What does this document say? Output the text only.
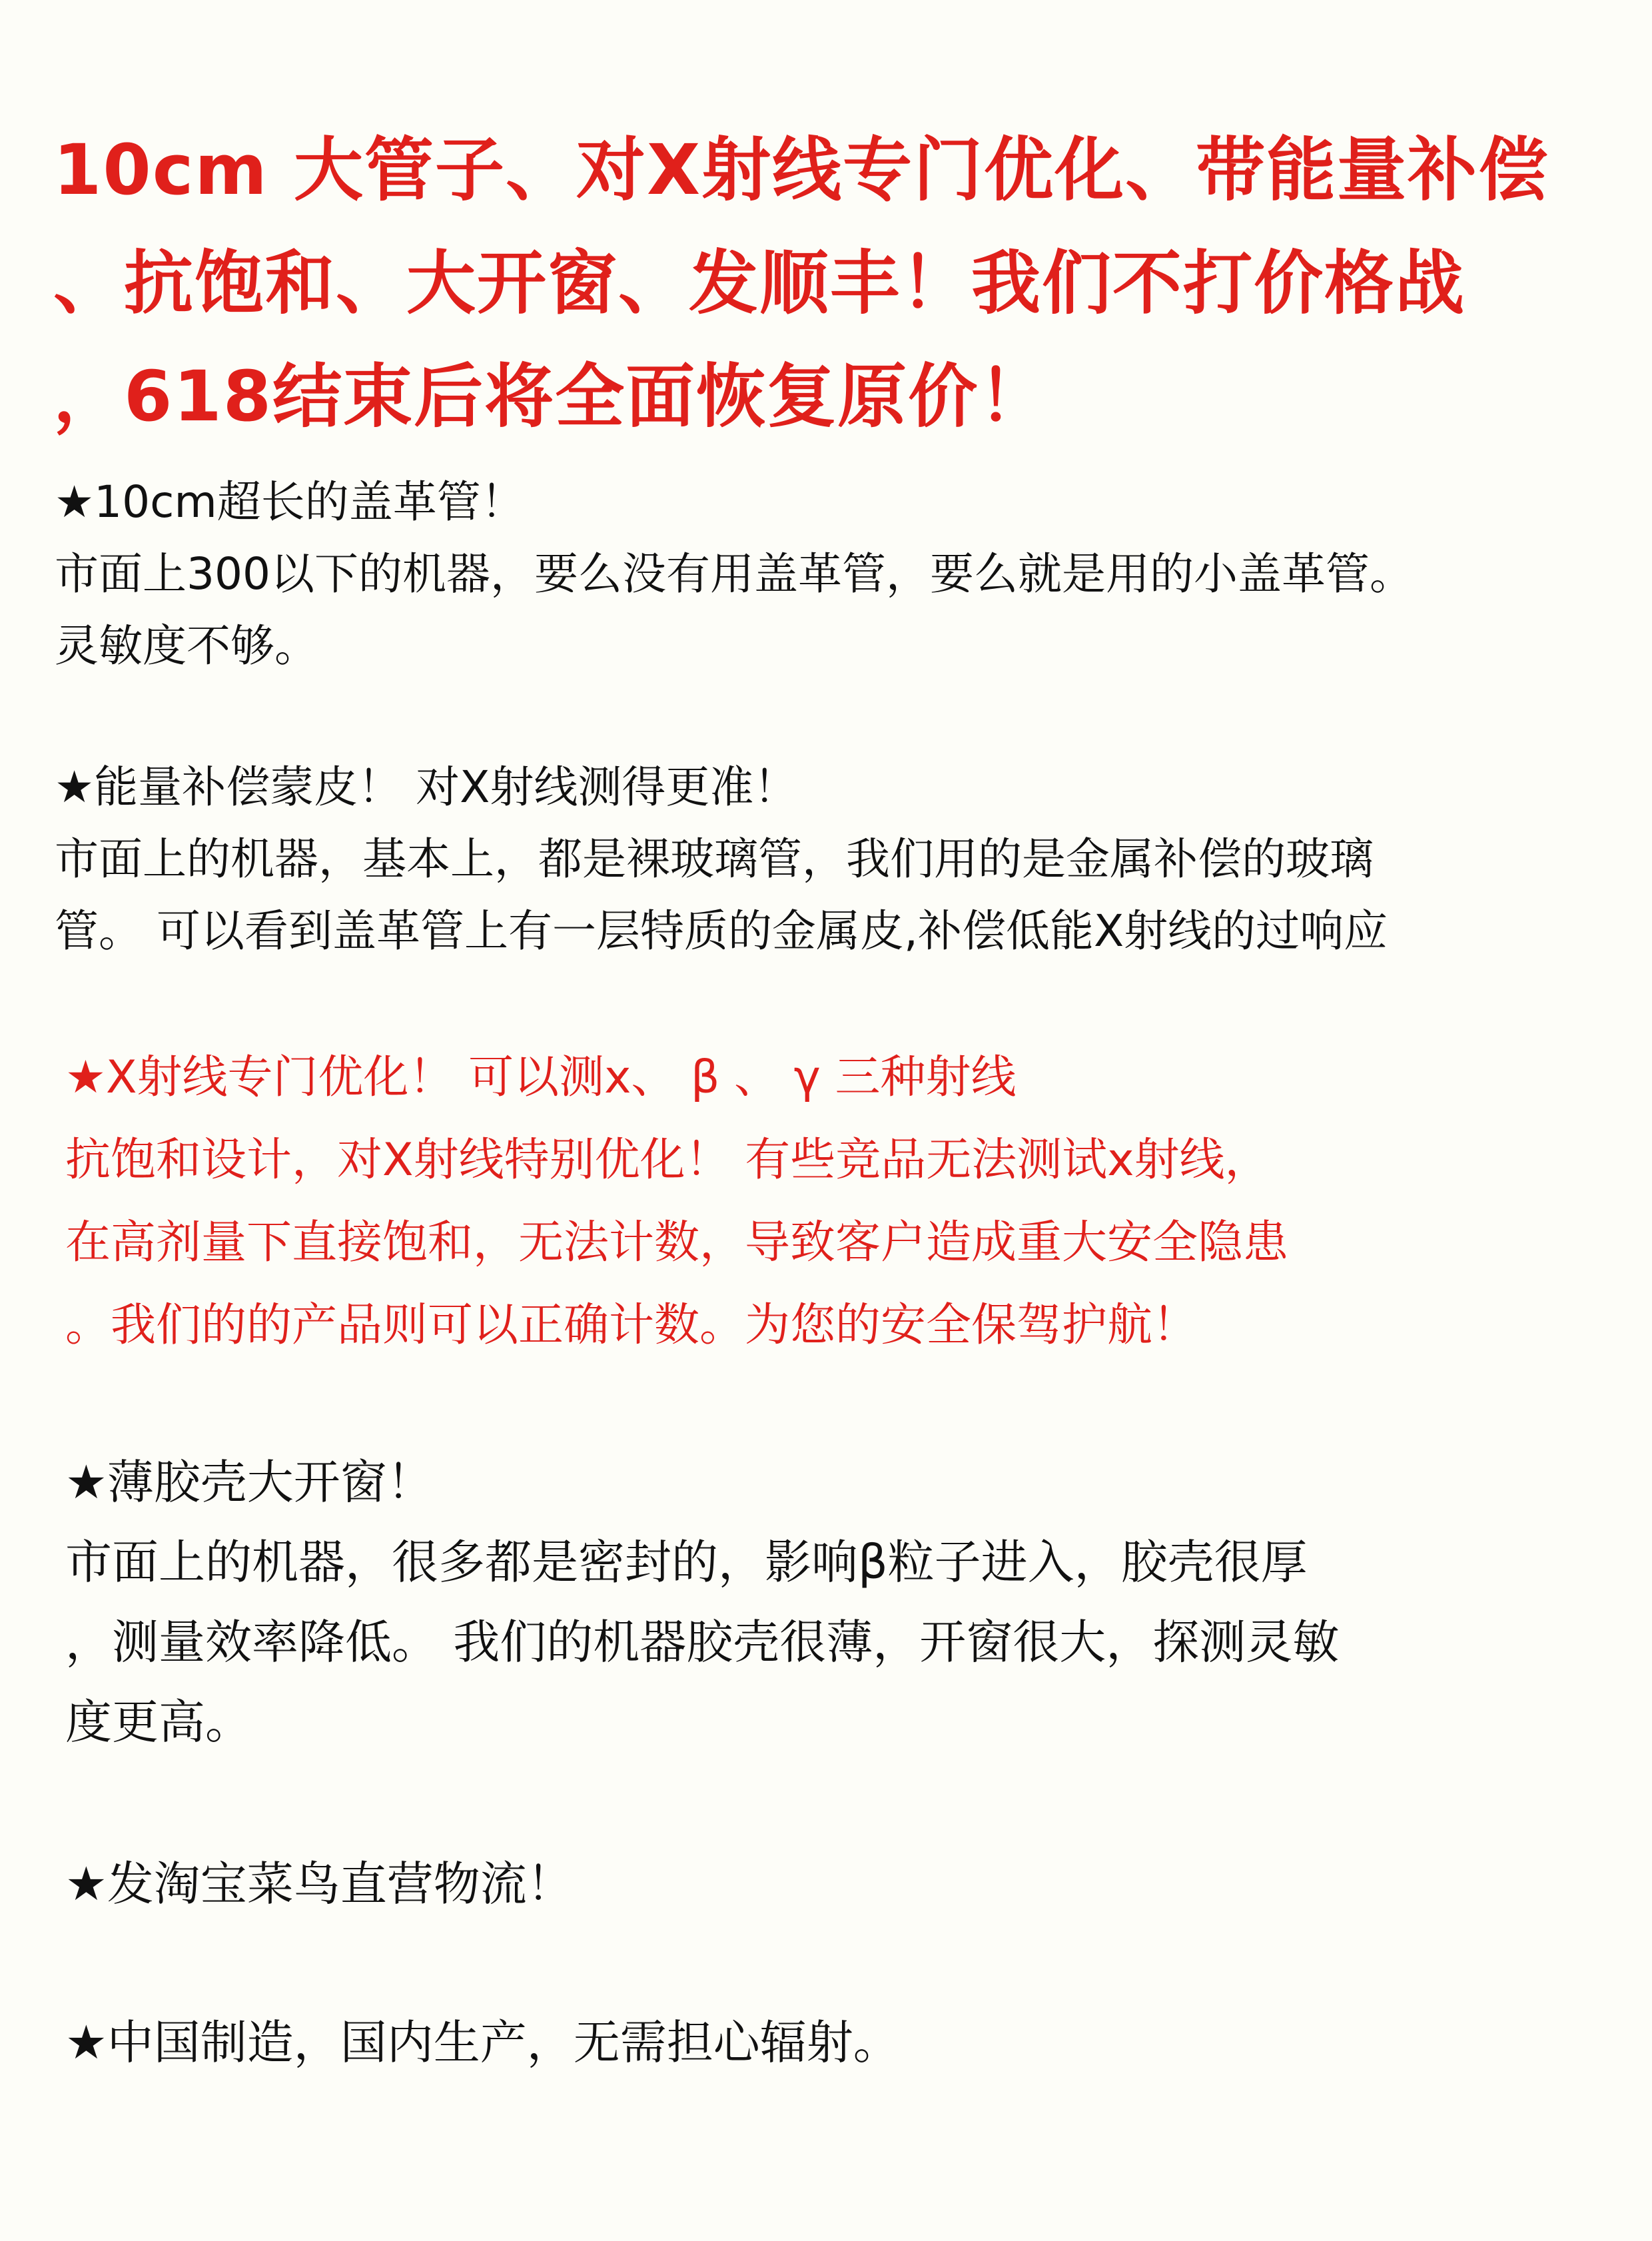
10cm 大管子、对X射线专门优化、带能量补偿
、抗饱和、大开窗、发顺丰！我们不打价格战
，618结束后将全面恢复原价！
★10cm超长的盖革管！
市面上300以下的机器，要么没有用盖革管，要么就是用的小盖革管。
灵敏度不够。
★能量补偿蒙皮！ 对X射线测得更准！
市面上的机器，基本上，都是裸玻璃管，我们用的是金属补偿的玻璃
管。 可以看到盖革管上有一层特质的金属皮,补偿低能X射线的过响应
★X射线专门优化！ 可以测x、 β 、 γ 三种射线
抗饱和设计，对X射线特别优化！ 有些竞品无法测试x射线，
在高剂量下直接饱和，无法计数，导致客户造成重大安全隐患
。我们的的产品则可以正确计数。为您的安全保驾护航！
★薄胶壳大开窗！
市面上的机器，很多都是密封的，影响β粒子进入，胶壳很厚
，测量效率降低。 我们的机器胶壳很薄，开窗很大，探测灵敏
度更高。
★发淘宝菜鸟直营物流！
★中国制造，国内生产，无需担心辐射。
